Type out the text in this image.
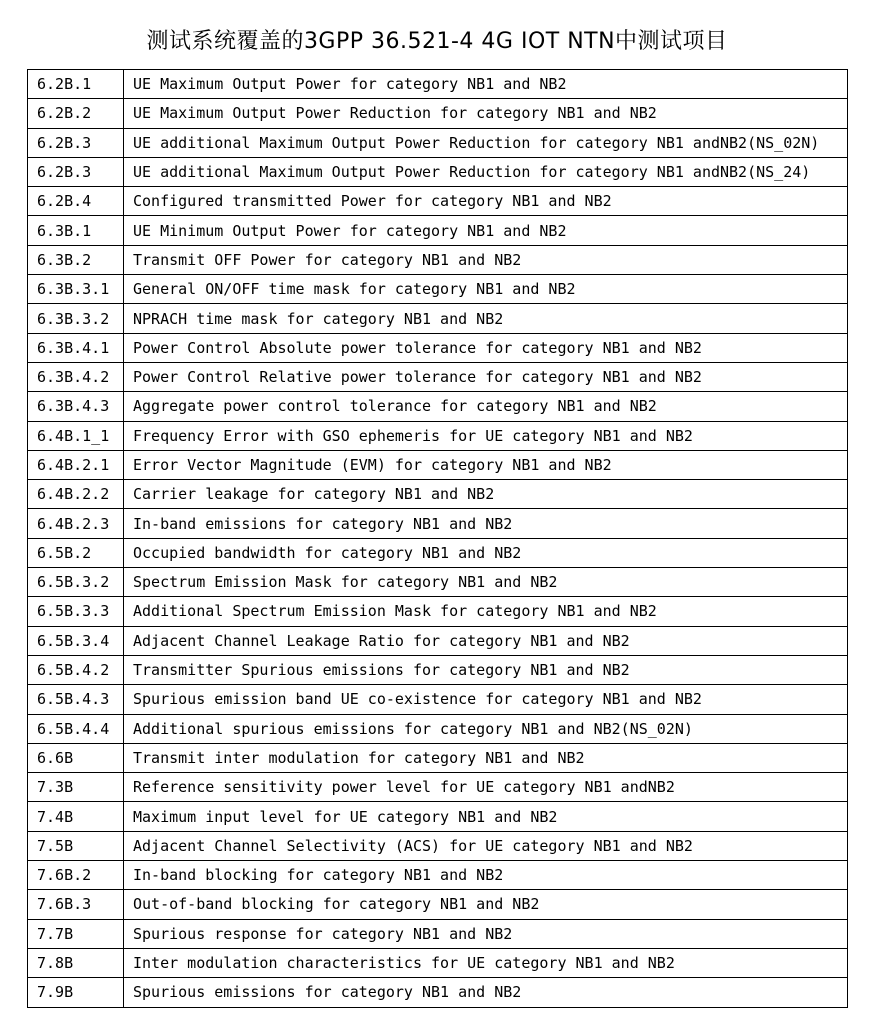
测试系统覆盖的3GPP 36.521-4 4G IOT NTN中测试项目
6.2B.1	UE Maximum Output Power for category NB1 and NB2
6.2B.2	UE Maximum Output Power Reduction for category NB1 and NB2
6.2B.3	UE additional Maximum Output Power Reduction for category NB1 andNB2(NS_02N)
6.2B.3	UE additional Maximum Output Power Reduction for category NB1 andNB2(NS_24)
6.2B.4	Configured transmitted Power for category NB1 and NB2
6.3B.1	UE Minimum Output Power for category NB1 and NB2
6.3B.2	Transmit OFF Power for category NB1 and NB2
6.3B.3.1	General ON/OFF time mask for category NB1 and NB2
6.3B.3.2	NPRACH time mask for category NB1 and NB2
6.3B.4.1	Power Control Absolute power tolerance for category NB1 and NB2
6.3B.4.2	Power Control Relative power tolerance for category NB1 and NB2
6.3B.4.3	Aggregate power control tolerance for category NB1 and NB2
6.4B.1_1	Frequency Error with GSO ephemeris for UE category NB1 and NB2
6.4B.2.1	Error Vector Magnitude (EVM) for category NB1 and NB2
6.4B.2.2	Carrier leakage for category NB1 and NB2
6.4B.2.3	In-band emissions for category NB1 and NB2
6.5B.2	Occupied bandwidth for category NB1 and NB2
6.5B.3.2	Spectrum Emission Mask for category NB1 and NB2
6.5B.3.3	Additional Spectrum Emission Mask for category NB1 and NB2
6.5B.3.4	Adjacent Channel Leakage Ratio for category NB1 and NB2
6.5B.4.2	Transmitter Spurious emissions for category NB1 and NB2
6.5B.4.3	Spurious emission band UE co-existence for category NB1 and NB2
6.5B.4.4	Additional spurious emissions for category NB1 and NB2(NS_02N)
6.6B	Transmit inter modulation for category NB1 and NB2
7.3B	Reference sensitivity power level for UE category NB1 andNB2
7.4B	Maximum input level for UE category NB1 and NB2
7.5B	Adjacent Channel Selectivity (ACS) for UE category NB1 and NB2
7.6B.2	In-band blocking for category NB1 and NB2
7.6B.3	Out-of-band blocking for category NB1 and NB2
7.7B	Spurious response for category NB1 and NB2
7.8B	Inter modulation characteristics for UE category NB1 and NB2
7.9B	Spurious emissions for category NB1 and NB2
